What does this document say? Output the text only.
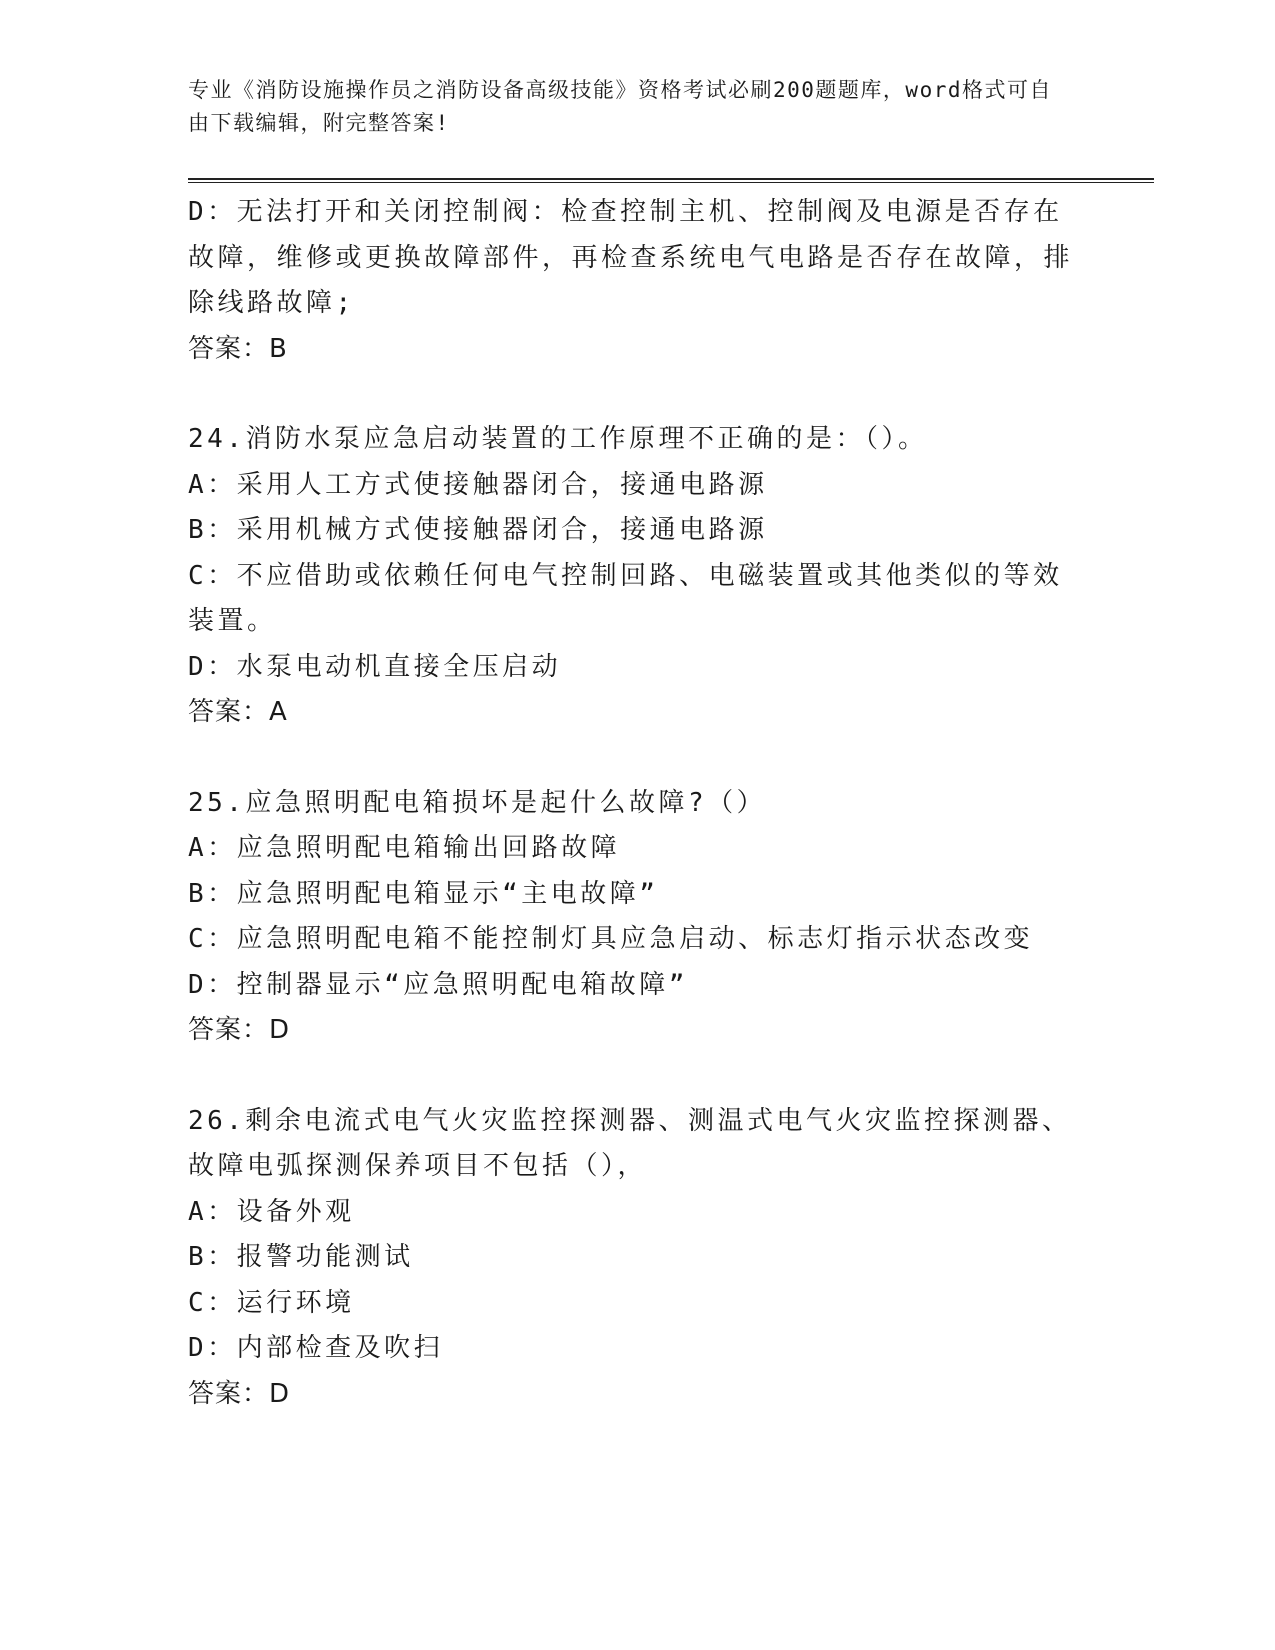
专业《消防设施操作员之消防设备高级技能》资格考试必刷200题题库，word格式可自由下载编辑，附完整答案!

D：无法打开和关闭控制阀：检查控制主机、控制阀及电源是否存在故障，维修或更换故障部件，再检查系统电气电路是否存在故障，排除线路故障;

答案：B

24.消防水泵应急启动装置的工作原理不正确的是：（）。

A：采用人工方式使接触器闭合，接通电路源

B：采用机械方式使接触器闭合，接通电路源

C：不应借助或依赖任何电气控制回路、电磁装置或其他类似的等效装置。

D：水泵电动机直接全压启动

答案：A

25.应急照明配电箱损坏是起什么故障?（）

A：应急照明配电箱输出回路故障

B：应急照明配电箱显示“主电故障”

C：应急照明配电箱不能控制灯具应急启动、标志灯指示状态改变

D：控制器显示“应急照明配电箱故障”

答案：D

26.剩余电流式电气火灾监控探测器、测温式电气火灾监控探测器、故障电弧探测保养项目不包括（），

A：设备外观

B：报警功能测试

C：运行环境

D：内部检查及吹扫

答案：D
